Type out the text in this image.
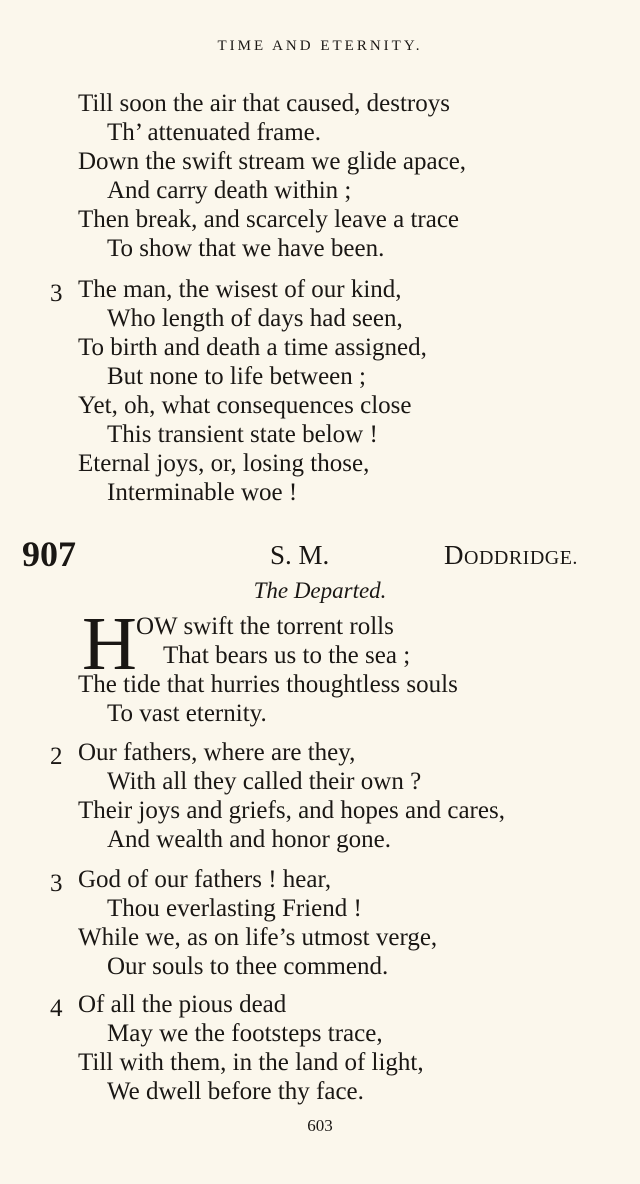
TIME AND ETERNITY.
Till soon the air that caused, destroys
Th’ attenuated frame.
Down the swift stream we glide apace,
And carry death within ;
Then break, and scarcely leave a trace
To show that we have been.
3 The man, the wisest of our kind,
Who length of days had seen,
To birth and death a time assigned,
But none to life between ;
Yet, oh, what consequences close
This transient state below !
Eternal joys, or, losing those,
Interminable woe !
907	S. M.	DODDRIDGE.
The Departed.
H OW swift the torrent rolls
That bears us to the sea ;
The tide that hurries thoughtless souls
To vast eternity.
2 Our fathers, where are they,
With all they called their own ?
Their joys and griefs, and hopes and cares,
And wealth and honor gone.
3 God of our fathers ! hear,
Thou everlasting Friend !
While we, as on life’s utmost verge,
Our souls to thee commend.
4 Of all the pious dead
May we the footsteps trace,
Till with them, in the land of light,
We dwell before thy face.
603
